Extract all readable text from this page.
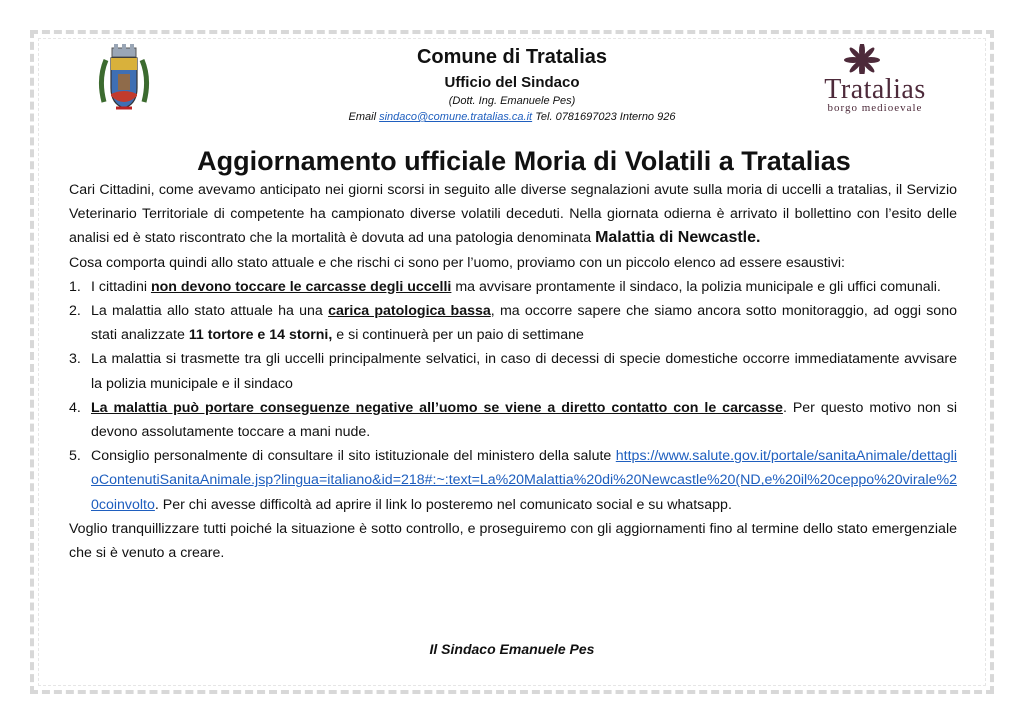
Comune di Tratalias
Ufficio del Sindaco
(Dott. Ing. Emanuele Pes)
Email sindaco@comune.tratalias.ca.it Tel. 0781697023 Interno 926
Tratalias
borgo medioevale
Aggiornamento ufficiale Moria di Volatili a Tratalias

Cari Cittadini, come avevamo anticipato nei giorni scorsi in seguito alle diverse segnalazioni avute sulla moria di uccelli a tratalias, il Servizio Veterinario Territoriale di competente ha campionato diverse volatili deceduti. Nella giornata odierna è arrivato il bollettino con l’esito delle analisi ed è stato riscontrato che la mortalità è dovuta ad una patologia denominata Malattia di Newcastle.

Cosa comporta quindi allo stato attuale e che rischi ci sono per l’uomo, proviamo con un piccolo elenco ad essere esaustivi:

1. I cittadini non devono toccare le carcasse degli uccelli ma avvisare prontamente il sindaco, la polizia municipale e gli uffici comunali.
2. La malattia allo stato attuale ha una carica patologica bassa, ma occorre sapere che siamo ancora sotto monitoraggio, ad oggi sono stati analizzate 11 tortore e 14 storni, e si continuerà per un paio di settimane
3. La malattia si trasmette tra gli uccelli principalmente selvatici, in caso di decessi di specie domestiche occorre immediatamente avvisare la polizia municipale e il sindaco
4. La malattia può portare conseguenze negative all’uomo se viene a diretto contatto con le carcasse. Per questo motivo non si devono assolutamente toccare a mani nude.
5. Consiglio personalmente di consultare il sito istituzionale del ministero della salute https://www.salute.gov.it/portale/sanitaAnimale/dettaglioContenutiSanitaAnimale.jsp?lingua=italiano&id=218#:~:text=La%20Malattia%20di%20Newcastle%20(ND,e%20il%20ceppo%20virale%20coinvolto. Per chi avesse difficoltà ad aprire il link lo posteremo nel comunicato social e su whatsapp.

Voglio tranquillizzare tutti poiché la situazione è sotto controllo, e proseguiremo con gli aggiornamenti fino al termine dello stato emergenziale che si è venuto a creare.

Il Sindaco Emanuele Pes
